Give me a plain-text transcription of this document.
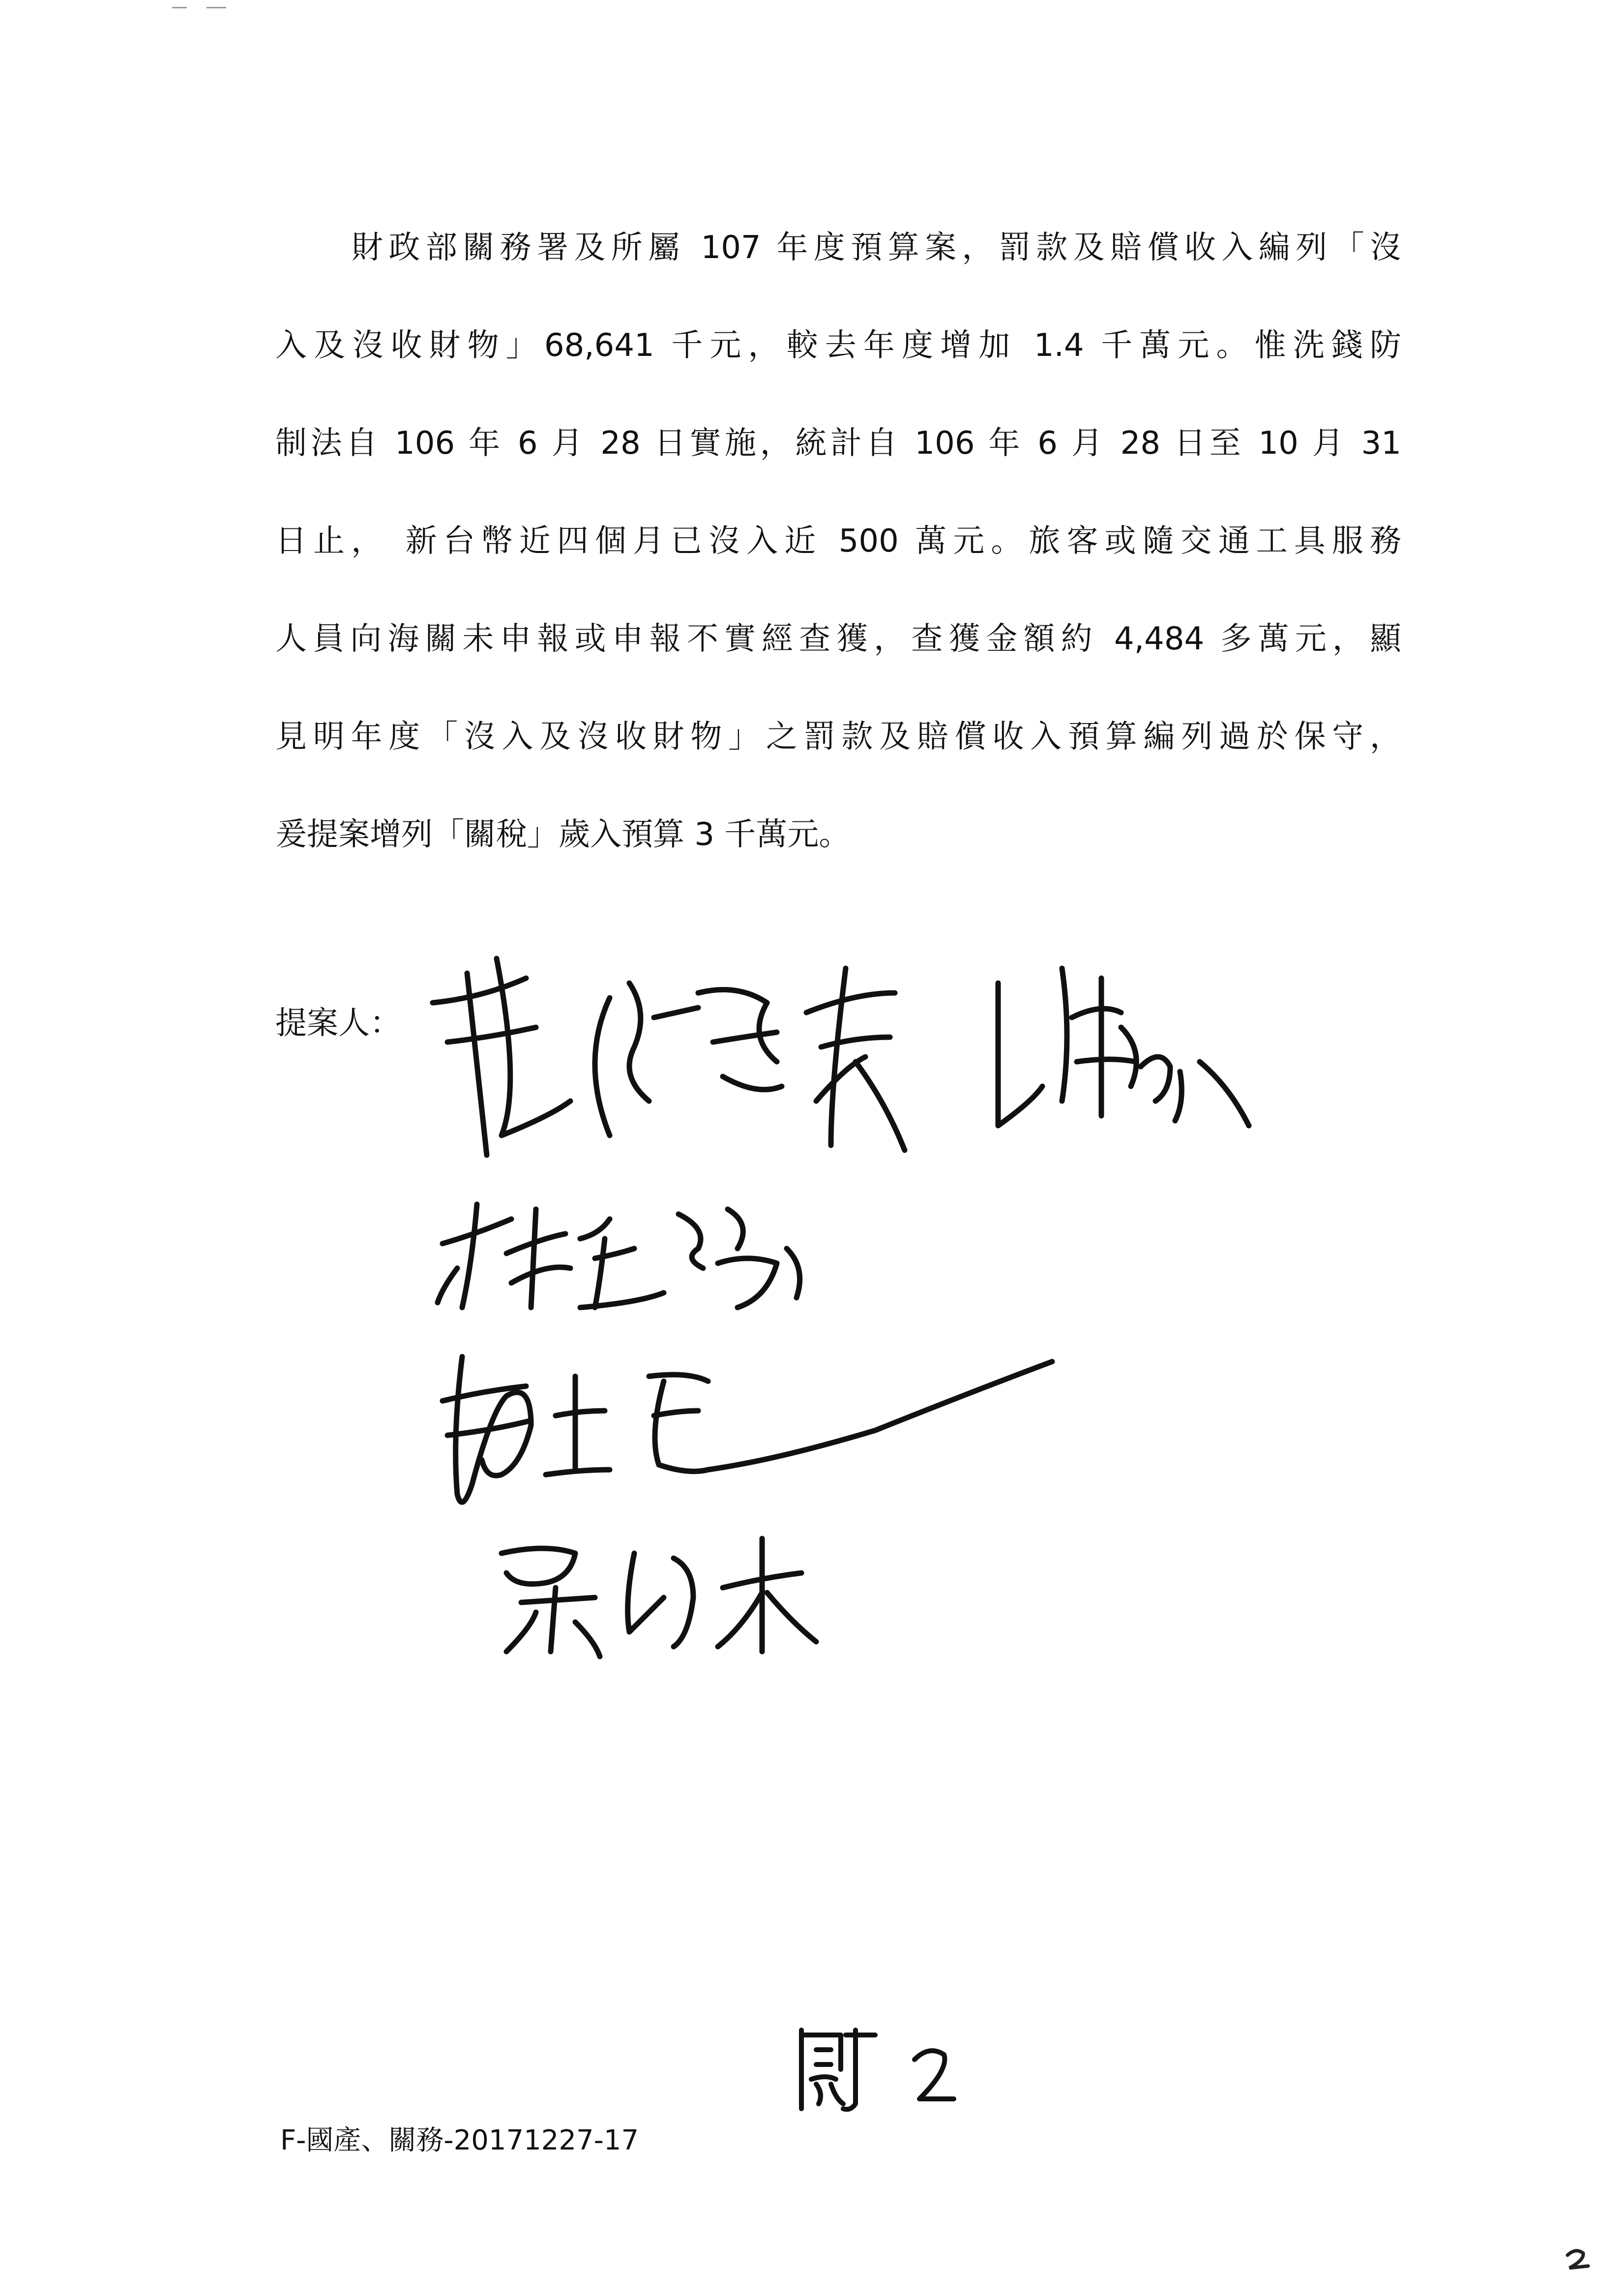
財政部關務署及所屬 107 年度預算案，罰款及賠償收入編列「沒
入及沒收財物」68,641 千元，較去年度增加 1.4 千萬元。惟洗錢防
制法自 106 年 6 月 28 日實施，統計自 106 年 6 月 28 日至 10 月 31
日止， 新台幣近四個月已沒入近 500 萬元。旅客或隨交通工具服務
人員向海關未申報或申報不實經查獲，查獲金額約 4,484 多萬元，顯
見明年度「沒入及沒收財物」之罰款及賠償收入預算編列過於保守，
爰提案增列「關稅」歲入預算 3 千萬元。
提案人：
F-國產、關務-20171227-17
